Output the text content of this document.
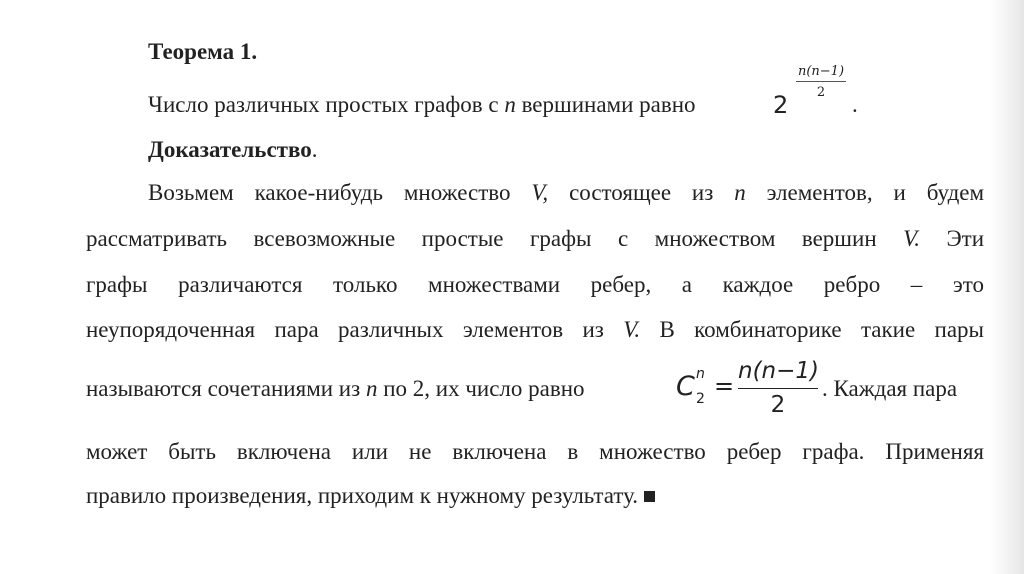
Теорема 1.
Число различных простых графов с n вершинами равно	2
n(n−1)
2	.
Доказательство.
Возьмем какое-нибудь множество V, состоящее из n элементов, и будем
рассматривать всевозможные простые графы с множеством вершин V. Эти
графы различаются только множествами ребер, а каждое ребро – это
неупорядоченная пара различных элементов из V. В комбинаторике такие пары
называются сочетаниями из n по 2, их число равно	C n
2 =
n(n−1)
2
. Каждая пара
может быть включена или не включена в множество ребер графа. Применяя
правило произведения, приходим к нужному результату.
